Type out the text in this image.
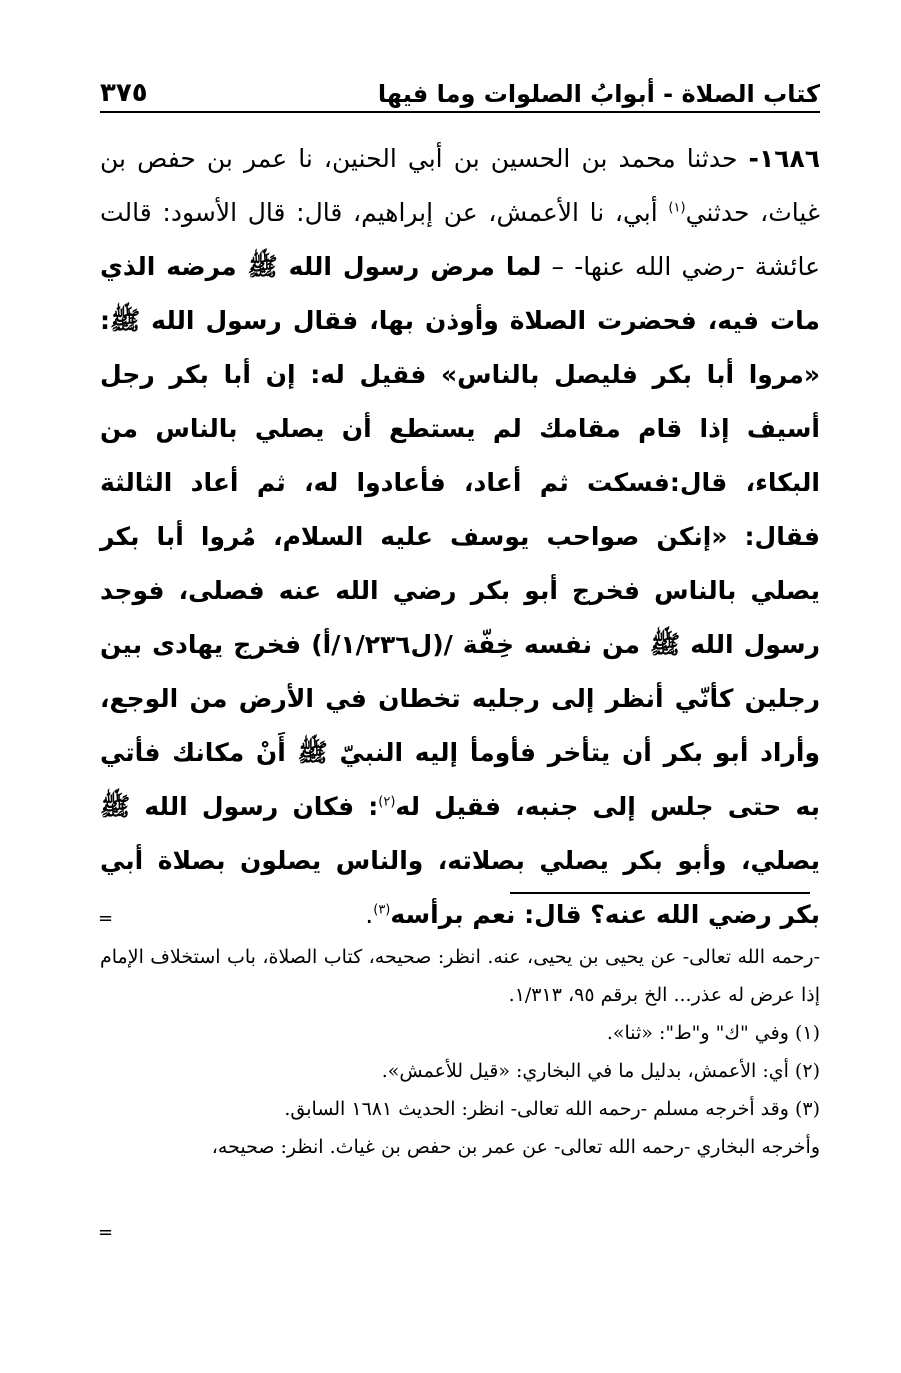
كتاب الصلاة - أبوابُ الصلوات وما فيها
٣٧٥

١٦٨٦- حدثنا محمد بن الحسين بن أبي الحنين، نا عمر بن حفص بن غياث، حدثني$^{(١)}$ أبي، نا الأعمش، عن إبراهيم، قال: قال الأسود: قالت عائشة -رضي الله عنها- – لما مرض رسول الله ﷺ مرضه الذي مات فيه، فحضرت الصلاة وأوذن بها، فقال رسول الله ﷺ: «مروا أبا بكر فليصل بالناس» فقيل له: إن أبا بكر رجل أسيف إذا قام مقامك لم يستطع أن يصلي بالناس من البكاء، قال:فسكت ثم أعاد، فأعادوا له، ثم أعاد الثالثة فقال: «إنكن صواحب يوسف عليه السلام، مُروا أبا بكر يصلي بالناس فخرج أبو بكر رضي الله عنه فصلى، فوجد رسول الله ﷺ من نفسه خِفّة /(ل١/٢٣٦/أ) فخرج يهادى بين رجلين كأنّي أنظر إلى رجليه تخطان في الأرض من الوجع، وأراد أبو بكر أن يتأخر فأومأ إليه النبيّ ﷺ أَنْ مكانك فأتي به حتى جلس إلى جنبه، فقيل له$^{(٢)}$: فكان رسول الله ﷺ يصلي، وأبو بكر يصلي بصلاته، والناس يصلون بصلاة أبي بكر رضي الله عنه؟ قال: نعم برأسه$^{(٣)}$.

=

-رحمه الله تعالى- عن يحيى بن يحيى، عنه. انظر: صحيحه، كتاب الصلاة، باب استخلاف الإمام إذا عرض له عذر... الخ برقم ٩٥، ١/٣١٣.

(١) وفي "ك" و"ط": «ثنا».

(٢) أي: الأعمش، بدليل ما في البخاري: «قيل للأعمش».

(٣) وقد أخرجه مسلم -رحمه الله تعالى- انظر: الحديث ١٦٨١ السابق.

وأخرجه البخاري -رحمه الله تعالى- عن عمر بن حفص بن غياث. انظر: صحيحه،

=
